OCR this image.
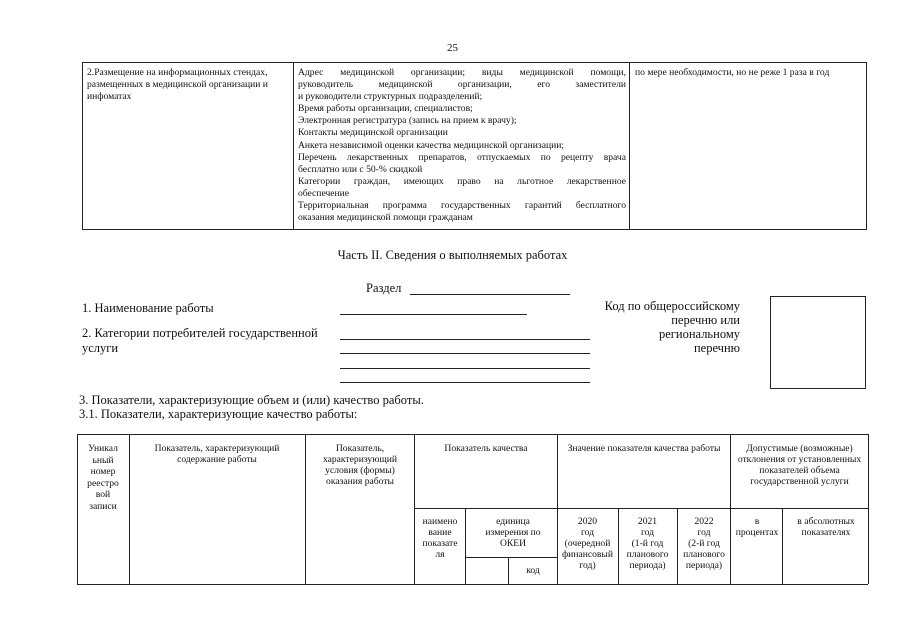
25
2.Размещение на информационных стендах,
размещенных в медицинской организации и
инфоматах
Адрес медицинской организации; виды медицинской помощи,
руководитель медицинской организации, его заместители
и руководители структурных подразделений;
Время работы организации, специалистов;
Электронная регистратура (запись на прием к врачу);
Контакты медицинской организации
Анкета независимой оценки качества медицинской организации;
Перечень лекарственных препаратов, отпускаемых по рецепту врача
бесплатно или с 50-% скидкой
Категории граждан, имеющих право на льготное лекарственное
обеспечение
Территориальная программа государственных гарантий бесплатного
оказания медицинской помощи гражданам
по мере необходимости, но не реже 1 раза в год
Часть II. Сведения о выполняемых работах
Раздел
1. Наименование работы
2. Категории потребителей государственной услуги
Код по общероссийскому
перечню или
региональному
перечню
3. Показатели, характеризующие объем и (или) качество работы.
3.1. Показатели, характеризующие качество работы:
Уникал
ьный
номер
реестро
вой
записи
Показатель, характеризующий содержание работы
Показатель, характеризующий условия (формы) оказания работы
Показатель качества	Значение показателя качества работы	Допустимые (возможные) отклонения от установленных показателей объема государственной услуги
наимено
вание
показате
ля
единица измерения по ОКЕИ
код
2020
год
(очередной
финансовый
год)
2021
год
(1-й год
планового
периода)
2022
год
(2-й год
планового
периода)
в процентах
в абсолютных показателях
